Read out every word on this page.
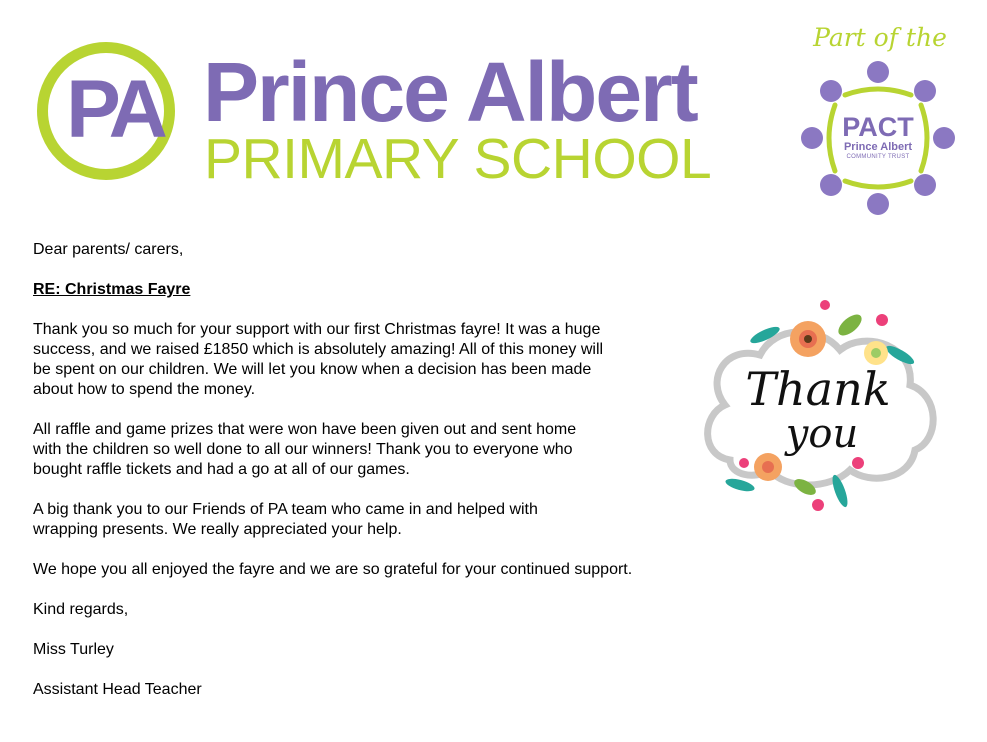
PA Prince Albert
PRIMARY SCHOOL
Part of the
PACT
Prince Albert
COMMUNITY TRUST

Dear parents/ carers,

RE: Christmas Fayre

Thank you so much for your support with our first Christmas fayre! It was a huge

success, and we raised £1850 which is absolutely amazing! All of this money will

be spent on our children. We will let you know when a decision has been made

about how to spend the money.

All raffle and game prizes that were won have been given out and sent home

with the children so well done to all our winners! Thank you to everyone who

bought raffle tickets and had a go at all of our games.

A big thank you to our Friends of PA team who came in and helped with

wrapping presents. We really appreciated your help.

We hope you all enjoyed the fayre and we are so grateful for your continued support.

Kind regards,

Miss Turley

Assistant Head Teacher

Thank
you
